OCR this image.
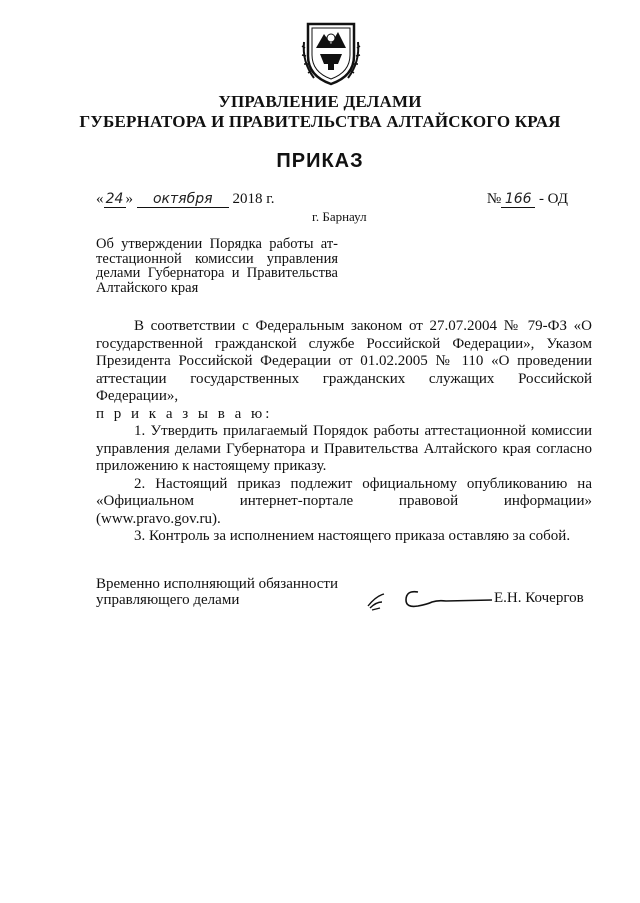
УПРАВЛЕНИЕ ДЕЛАМИ
ГУБЕРНАТОРА И ПРАВИТЕЛЬСТВА АЛТАЙСКОГО КРАЯ
ПРИКАЗ
« 24 » октября 2018 г.	№ 166 - ОД
г. Барнаул
Об утверждении Порядка работы ат-
тестационной комиссии управления
делами Губернатора и Правительства
Алтайского края

В соответствии с Федеральным законом от 27.07.2004 № 79-ФЗ «О государственной гражданской службе Российской Федерации», Указом Президента Российской Федерации от 01.02.2005 № 110 «О проведении аттестации государственных гражданских служащих Российской Федерации»,

п р и к а з ы в а ю:

1. Утвердить прилагаемый Порядок работы аттестационной комиссии управления делами Губернатора и Правительства Алтайского края согласно приложению к настоящему приказу.

2. Настоящий приказ подлежит официальному опубликованию на «Официальном интернет-портале правовой информации» (www.pravo.gov.ru).

3. Контроль за исполнением настоящего приказа оставляю за собой.

Временно исполняющий обязанности
управляющего делами	Е.Н. Кочергов
